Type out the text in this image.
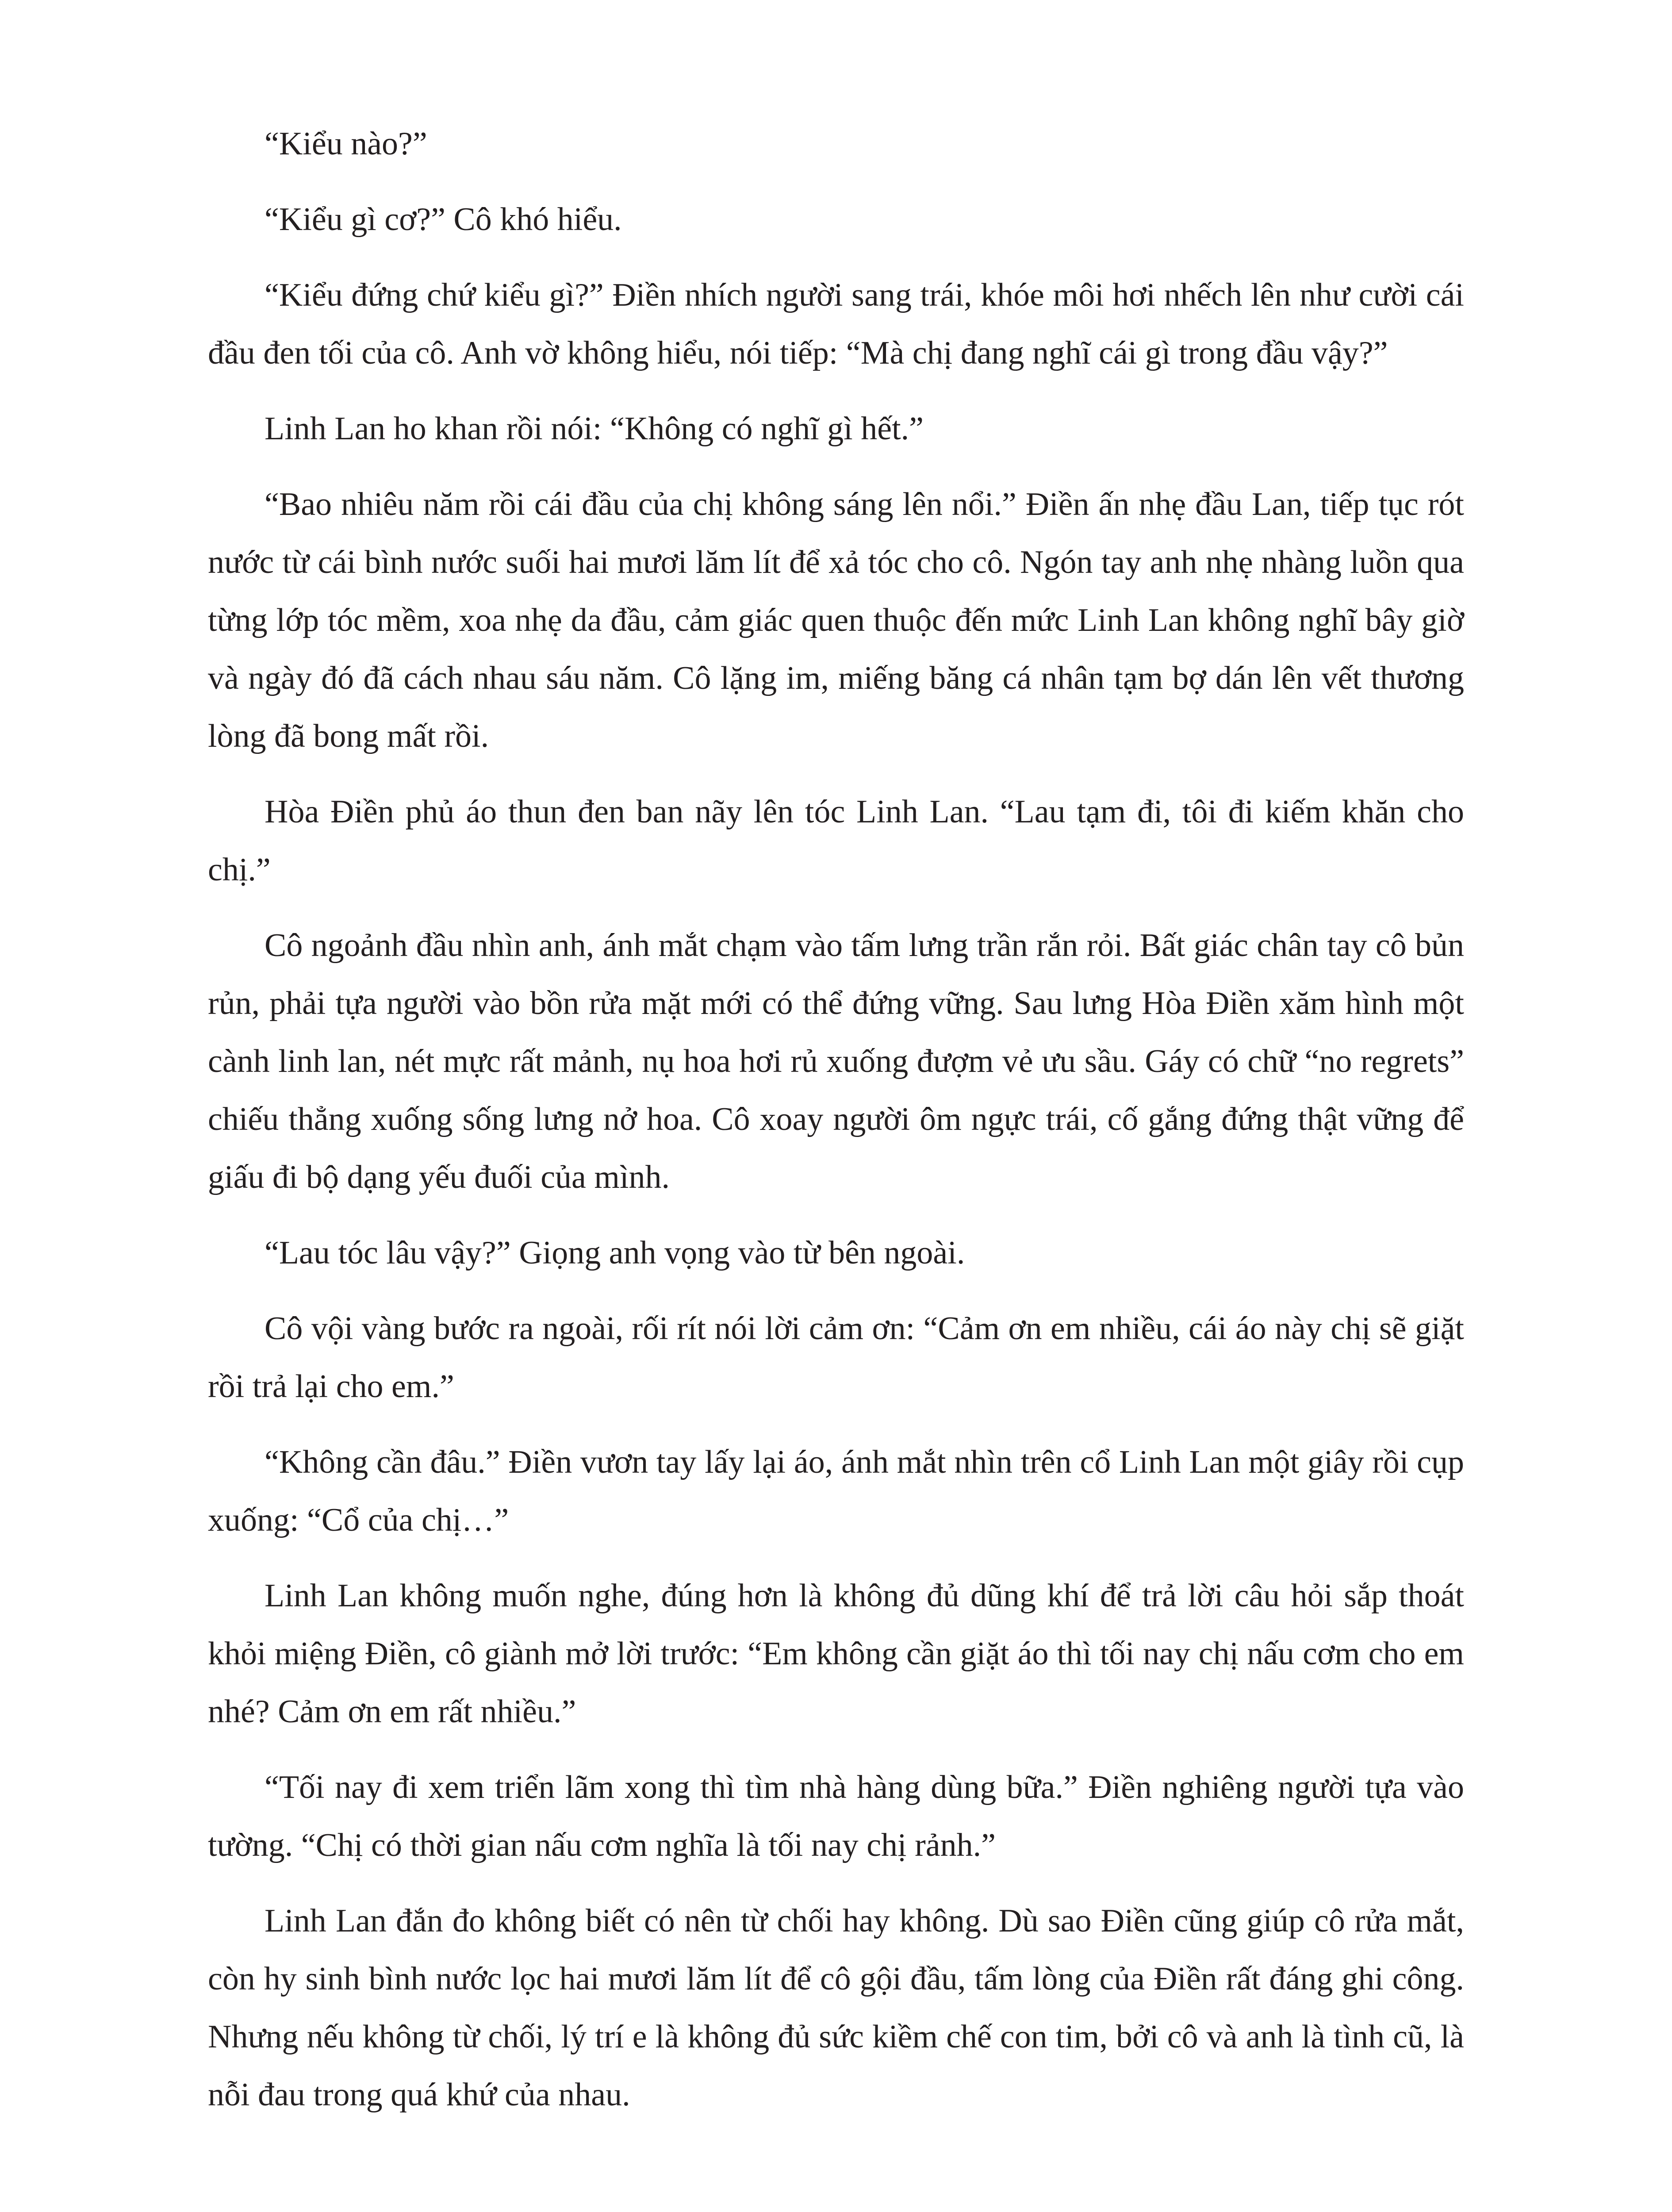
“Kiểu nào?”

“Kiểu gì cơ?” Cô khó hiểu.

“Kiểu đứng chứ kiểu gì?” Điền nhích người sang trái, khóe môi hơi nhếch lên như cười cái đầu đen tối của cô. Anh vờ không hiểu, nói tiếp: “Mà chị đang nghĩ cái gì trong đầu vậy?”

Linh Lan ho khan rồi nói: “Không có nghĩ gì hết.”

“Bao nhiêu năm rồi cái đầu của chị không sáng lên nổi.” Điền ấn nhẹ đầu Lan, tiếp tục rót nước từ cái bình nước suối hai mươi lăm lít để xả tóc cho cô. Ngón tay anh nhẹ nhàng luồn qua từng lớp tóc mềm, xoa nhẹ da đầu, cảm giác quen thuộc đến mức Linh Lan không nghĩ bây giờ và ngày đó đã cách nhau sáu năm. Cô lặng im, miếng băng cá nhân tạm bợ dán lên vết thương lòng đã bong mất rồi.

Hòa Điền phủ áo thun đen ban nãy lên tóc Linh Lan. “Lau tạm đi, tôi đi kiếm khăn cho chị.”

Cô ngoảnh đầu nhìn anh, ánh mắt chạm vào tấm lưng trần rắn rỏi. Bất giác chân tay cô bủn rủn, phải tựa người vào bồn rửa mặt mới có thể đứng vững. Sau lưng Hòa Điền xăm hình một cành linh lan, nét mực rất mảnh, nụ hoa hơi rủ xuống đượm vẻ ưu sầu. Gáy có chữ “no regrets” chiếu thẳng xuống sống lưng nở hoa. Cô xoay người ôm ngực trái, cố gắng đứng thật vững để giấu đi bộ dạng yếu đuối của mình.

“Lau tóc lâu vậy?” Giọng anh vọng vào từ bên ngoài.

Cô vội vàng bước ra ngoài, rối rít nói lời cảm ơn: “Cảm ơn em nhiều, cái áo này chị sẽ giặt rồi trả lại cho em.”

“Không cần đâu.” Điền vươn tay lấy lại áo, ánh mắt nhìn trên cổ Linh Lan một giây rồi cụp xuống: “Cổ của chị…”

Linh Lan không muốn nghe, đúng hơn là không đủ dũng khí để trả lời câu hỏi sắp thoát khỏi miệng Điền, cô giành mở lời trước: “Em không cần giặt áo thì tối nay chị nấu cơm cho em nhé? Cảm ơn em rất nhiều.”

“Tối nay đi xem triển lãm xong thì tìm nhà hàng dùng bữa.” Điền nghiêng người tựa vào tường. “Chị có thời gian nấu cơm nghĩa là tối nay chị rảnh.”

Linh Lan đắn đo không biết có nên từ chối hay không. Dù sao Điền cũng giúp cô rửa mắt, còn hy sinh bình nước lọc hai mươi lăm lít để cô gội đầu, tấm lòng của Điền rất đáng ghi công. Nhưng nếu không từ chối, lý trí e là không đủ sức kiềm chế con tim, bởi cô và anh là tình cũ, là nỗi đau trong quá khứ của nhau.
